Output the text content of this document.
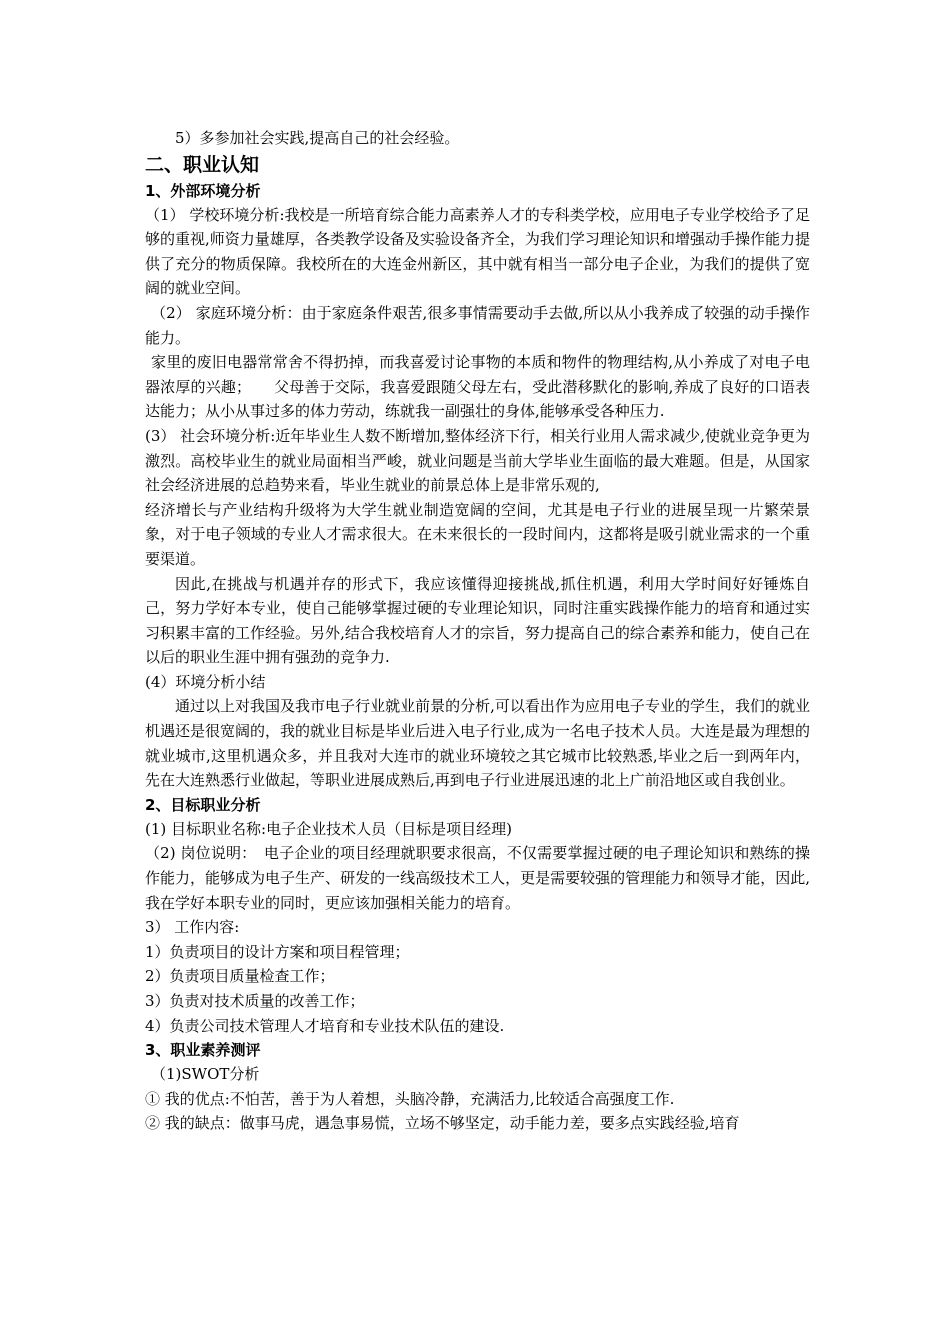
5）多参加社会实践,提高自己的社会经验。

二、职业认知

1、外部环境分析

（1） 学校环境分析:我校是一所培育综合能力高素养人才的专科类学校，应用电子专业学校给予了足够的重视,师资力量雄厚，各类教学设备及实验设备齐全，为我们学习理论知识和增强动手操作能力提供了充分的物质保障。我校所在的大连金州新区，其中就有相当一部分电子企业，为我们的提供了宽阔的就业空间。

（2） 家庭环境分析：由于家庭条件艰苦,很多事情需要动手去做,所以从小我养成了较强的动手操作能力。

家里的废旧电器常常舍不得扔掉，而我喜爱讨论事物的本质和物件的物理结构,从小养成了对电子电器浓厚的兴趣；　　父母善于交际，我喜爱跟随父母左右，受此潜移默化的影响,养成了良好的口语表达能力；从小从事过多的体力劳动，练就我一副强壮的身体,能够承受各种压力.

(3） 社会环境分析:近年毕业生人数不断增加,整体经济下行，相关行业用人需求减少,使就业竞争更为激烈。高校毕业生的就业局面相当严峻，就业问题是当前大学毕业生面临的最大难题。但是，从国家社会经济进展的总趋势来看，毕业生就业的前景总体上是非常乐观的,

经济增长与产业结构升级将为大学生就业制造宽阔的空间，尤其是电子行业的进展呈现一片繁荣景象，对于电子领域的专业人才需求很大。在未来很长的一段时间内，这都将是吸引就业需求的一个重要渠道。

因此,在挑战与机遇并存的形式下，我应该懂得迎接挑战,抓住机遇，利用大学时间好好锤炼自己，努力学好本专业，使自己能够掌握过硬的专业理论知识，同时注重实践操作能力的培育和通过实习积累丰富的工作经验。另外,结合我校培育人才的宗旨，努力提高自己的综合素养和能力，使自己在以后的职业生涯中拥有强劲的竞争力.

(4）环境分析小结

通过以上对我国及我市电子行业就业前景的分析,可以看出作为应用电子专业的学生，我们的就业机遇还是很宽阔的，我的就业目标是毕业后进入电子行业,成为一名电子技术人员。大连是最为理想的就业城市,这里机遇众多，并且我对大连市的就业环境较之其它城市比较熟悉,毕业之后一到两年内，先在大连熟悉行业做起，等职业进展成熟后,再到电子行业进展迅速的北上广前沿地区或自我创业。

2、目标职业分析

(1) 目标职业名称:电子企业技术人员（目标是项目经理)

（2) 岗位说明：　电子企业的项目经理就职要求很高，不仅需要掌握过硬的电子理论知识和熟练的操作能力，能够成为电子生产、研发的一线高级技术工人，更是需要较强的管理能力和领导才能，因此,我在学好本职专业的同时，更应该加强相关能力的培育。

3） 工作内容:

1）负责项目的设计方案和项目程管理；

2）负责项目质量检查工作；

3）负责对技术质量的改善工作；

4）负责公司技术管理人才培育和专业技术队伍的建设.

3、职业素养测评

（1)SWOT分析

① 我的优点:不怕苦，善于为人着想，头脑冷静，充满活力,比较适合高强度工作.

② 我的缺点：做事马虎，遇急事易慌，立场不够坚定，动手能力差，要多点实践经验,培育
